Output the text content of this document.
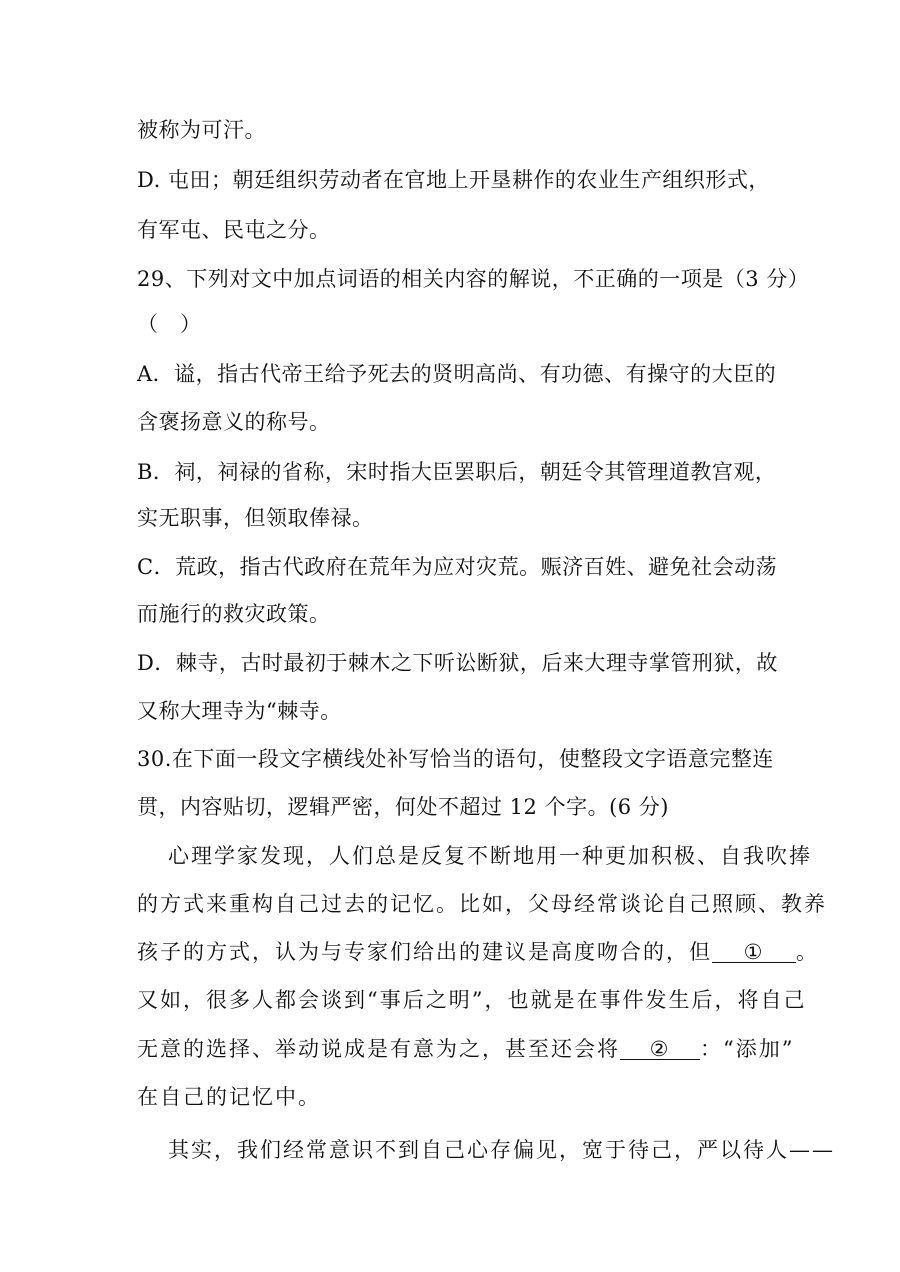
被称为可汗。
D. 屯田；朝廷组织劳动者在官地上开垦耕作的农业生产组织形式，
有军屯、民屯之分。
29、下列对文中加点词语的相关内容的解说，不正确的一项是（3 分）
（　）
A．谥，指古代帝王给予死去的贤明高尚、有功德、有操守的大臣的
含褒扬意义的称号。
B．祠，祠禄的省称，宋时指大臣罢职后，朝廷令其管理道教宫观，
实无职事，但领取俸禄。
C．荒政，指古代政府在荒年为应对灾荒。赈济百姓、避免社会动荡
而施行的救灾政策。
D．棘寺，古时最初于棘木之下听讼断狱，后来大理寺掌管刑狱，故
又称大理寺为“棘寺。
30.在下面一段文字横线处补写恰当的语句，使整段文字语意完整连
贯，内容贴切，逻辑严密，何处不超过 12 个字。(6 分)
心理学家发现，人们总是反复不断地用一种更加积极、自我吹捧
的方式来重构自己过去的记忆。比如，父母经常谈论自己照顾、教养
孩子的方式，认为与专家们给出的建议是高度吻合的，但 ① 。
又如，很多人都会谈到“事后之明”，也就是在事件发生后，将自己
无意的选择、举动说成是有意为之，甚至还会将 ② ：“添加”
在自己的记忆中。
其实，我们经常意识不到自己心存偏见，宽于待己，严以待人——
